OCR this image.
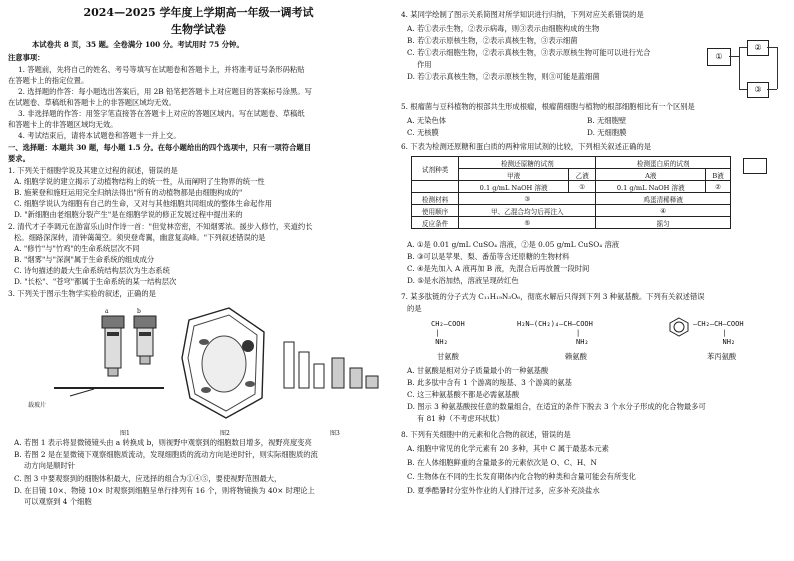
2024—2025 学年度上学期高一年级一调考试
生物学试卷
本试卷共 8 页，35 题。全卷满分 100 分。考试用时 75 分钟。
注意事项：
1. 答题前，先将自己的姓名、考号等填写在试题卷和答题卡上，并将准考证号条形码粘贴
在答题卡上的指定位置。
2. 选择题的作答：每小题选出答案后，用 2B 铅笔把答题卡上对应题目的答案标号涂黑。写
在试题卷、草稿纸和答题卡上的非答题区域均无效。
3. 非选择题的作答：用签字笔直接答在答题卡上对应的答题区域内。写在试题卷、草稿纸
和答题卡上的非答题区域均无效。
4. 考试结束后，请将本试题卷和答题卡一并上交。
一、选择题：本题共 30 题，每小题 1.5 分。在每小题给出的四个选项中，只有一项符合题目
要求。
1. 下列关于细胞学说及其建立过程的叙述，错误的是
A. 细胞学说的建立揭示了动植物结构上的统一性，从而阐明了生物界的统一性
B. 施莱登和施旺运用完全归纳法得出"所有的动植物都是由细胞构成的"
C. 细胞学说认为细胞有自己的生命，又对与其他细胞共同组成的整体生命起作用
D. "新细胞由老细胞分裂产生"是在细胞学说的修正发展过程中提出来的
2. 清代才子李调元在游富乐山时作诗一首："但觉林峦密，不知烟雾浓。援步入修竹，夹道约长
松。细路深深转，清钟蔼蔼空。须臾登鸢翼，幽意复高峰。"下列叙述错误的是
A. "修竹"与"竹鸡"的生命系统层次不同
B. "烟雾"与"深涧"属于生命系统的组成成分
C. 诗句描述的最大生命系统结构层次为生态系统
D. "长松"、"苍穹"都属于生命系统的某一结构层次
3. 下列关于图示生物学实验的叙述，正确的是
a	b
载玻片
图1	图2	图3
A. 若图 1 表示将显微镜镜头由 a 转换成 b，则视野中观察到的细胞数目增多，视野亮度变亮
B. 若图 2 是在显微镜下观察细胞质流动，发现细胞质的流动方向是逆时针，则实际细胞质的流
动方向是顺时针
C. 图 3 中要观察到的细胞体积最大，应选择的组合为①④⑤，要使视野范围最大，
D. 在目镜 10×、物镜 10× 时观察到细胞呈单行排列有 16 个，则将物镜换为 40× 时理论上
可以观察到 4 个细胞
4. 某同学绘制了图示关系简图对所学知识进行归纳，下列对应关系错误的是
A. 若①表示生物，②表示病毒，则③表示由细胞构成的生物
B. 若①表示原核生物，②表示真核生物，③表示细菌
C. 若①表示细胞生物，②表示真核生物，③表示原核生物可能可以进行光合
作用
D. 若①表示真核生物，②表示原核生物，则③可能是蓝细菌
①
②
③
5. 根瘤菌与豆科植物的根部共生形成根瘤，根瘤菌细胞与植物的根部细胞相比有一个区别是
A. 无染色体	B. 无细胞壁
C. 无核膜	D. 无细胞膜
6. 下表为检测还原糖和蛋白质的两种常用试剂的比较，下列相关叙述正确的是
试剂种类	检测还原糖的试剂		检测蛋白质的试剂	
	甲液	乙液	A液	B液
	0.1 g/mL NaOH 溶液	①	0.1 g/mL NaOH 溶液	②
检测材料	③		鸡蛋清稀释液	
使用顺序	甲、乙混合均匀后再注入		④	
反应条件	⑤		摇匀	
A. ①是 0.01 g/mL CuSO₄ 溶液，②是 0.05 g/mL CuSO₄ 溶液
B. ③可以是苹果、梨、番茄等含还原糖的生物材料
C. ④是先加入 A 液再加 B 液，先混合后再放置一段时间
D. ⑤是水浴加热，溶液呈现砖红色
7. 某多肽链的分子式为 C₁₁H₁₉N₃O₆，彻底水解后只得到下列 3 种氨基酸。下列有关叙述错误
的是
CH₂—COOH
|
NH₂
H₂N—(CH₂)₄—CH—COOH
|
NH₂
—CH₂—CH—COOH
|
NH₂
甘氨酸	赖氨酸	苯丙氨酸
A. 甘氨酸是相对分子质量最小的一种氨基酸
B. 此多肽中含有 1 个游离的羧基、3 个游离的氨基
C. 这三种氨基酸不都是必需氨基酸
D. 图示 3 种氨基酸按任意的数量组合，在适宜的条件下脱去 3 个水分子形成的化合物最多可
有 81 种（不考虑环状肽）
8. 下列有关细胞中的元素和化合物的叙述，错误的是
A. 细胞中常见的化学元素有 20 多种，其中 C 属于最基本元素
B. 在人体细胞鲜重的含量最多的元素依次是 O、C、H、N
C. 生物体在不同的生长发育期体内化合物的种类和含量可能会有所变化
D. 夏季酷暑时分室外作业的人们排汗过多，应多补充淡盐水
